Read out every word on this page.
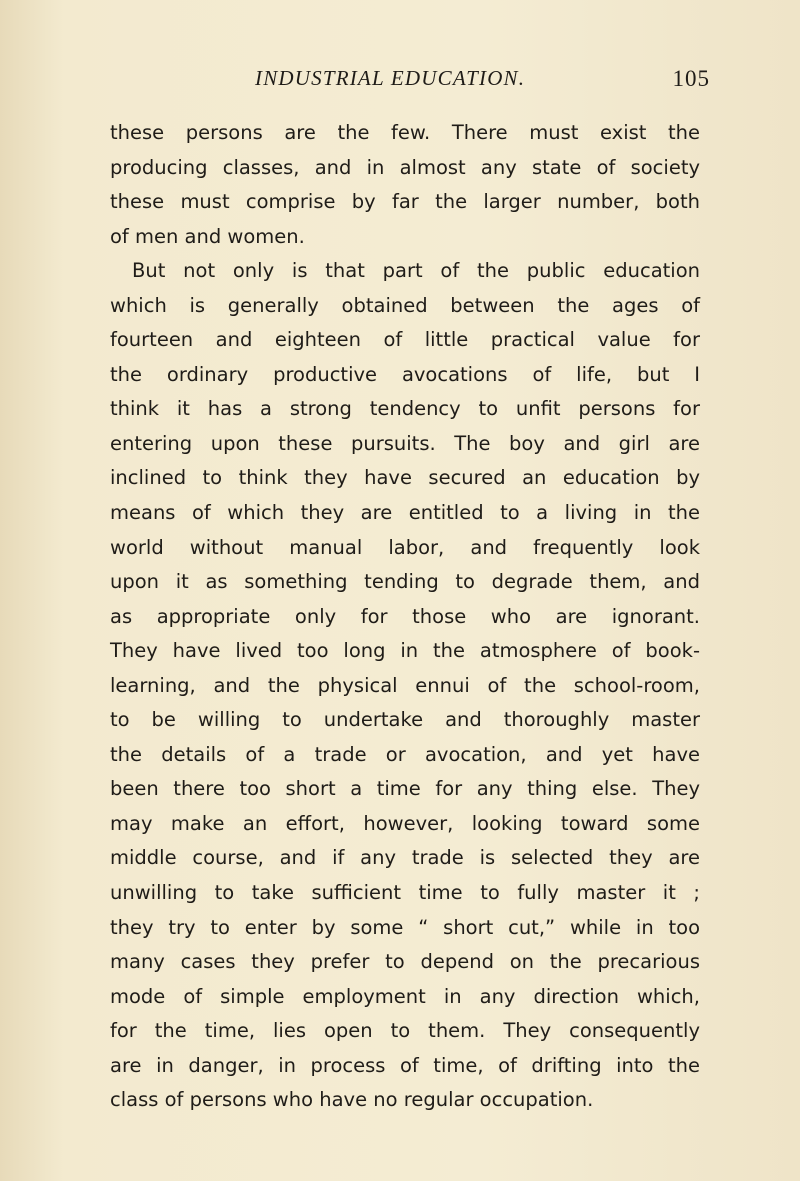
INDUSTRIAL EDUCATION.	105
these persons are the few. There must exist the
producing classes, and in almost any state of society
these must comprise by far the larger number, both
of men and women.
But not only is that part of the public education
which is generally obtained between the ages of
fourteen and eighteen of little practical value for
the ordinary productive avocations of life, but I
think it has a strong tendency to unfit persons for
entering upon these pursuits. The boy and girl are
inclined to think they have secured an education by
means of which they are entitled to a living in the
world without manual labor, and frequently look
upon it as something tending to degrade them, and
as appropriate only for those who are ignorant.
They have lived too long in the atmosphere of book-
learning, and the physical ennui of the school-room,
to be willing to undertake and thoroughly master
the details of a trade or avocation, and yet have
been there too short a time for any thing else. They
may make an effort, however, looking toward some
middle course, and if any trade is selected they are
unwilling to take sufficient time to fully master it ;
they try to enter by some “ short cut,” while in too
many cases they prefer to depend on the precarious
mode of simple employment in any direction which,
for the time, lies open to them. They consequently
are in danger, in process of time, of drifting into the
class of persons who have no regular occupation.
